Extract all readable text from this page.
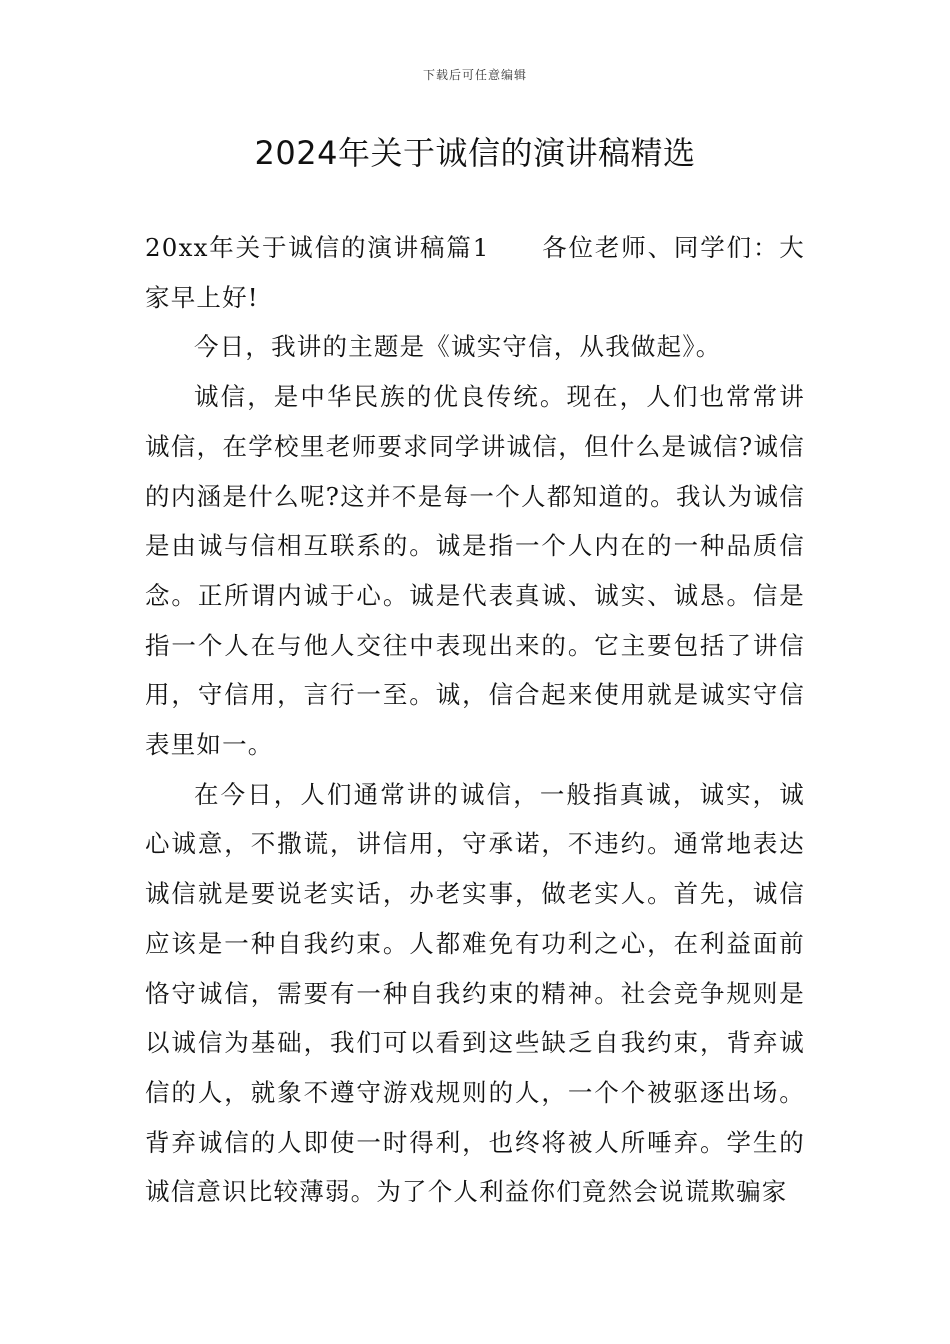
下载后可任意编辑
2024年关于诚信的演讲稿精选

20xx年关于诚信的演讲稿篇1 各位老师、同学们：大家早上好!

今日，我讲的主题是《诚实守信，从我做起》。

诚信，是中华民族的优良传统。现在，人们也常常讲诚信，在学校里老师要求同学讲诚信，但什么是诚信?诚信的内涵是什么呢?这并不是每一个人都知道的。我认为诚信是由诚与信相互联系的。诚是指一个人内在的一种品质信念。正所谓内诚于心。诚是代表真诚、诚实、诚恳。信是指一个人在与他人交往中表现出来的。它主要包括了讲信用，守信用，言行一至。诚，信合起来使用就是诚实守信表里如一。

在今日，人们通常讲的诚信，一般指真诚，诚实，诚心诚意，不撒谎，讲信用，守承诺，不违约。通常地表达诚信就是要说老实话，办老实事，做老实人。首先，诚信应该是一种自我约束。人都难免有功利之心，在利益面前恪守诚信，需要有一种自我约束的精神。社会竞争规则是以诚信为基础，我们可以看到这些缺乏自我约束，背弃诚信的人，就象不遵守游戏规则的人，一个个被驱逐出场。背弃诚信的人即使一时得利，也终将被人所唾弃。学生的诚信意识比较薄弱。为了个人利益你们竟然会说谎欺骗家
